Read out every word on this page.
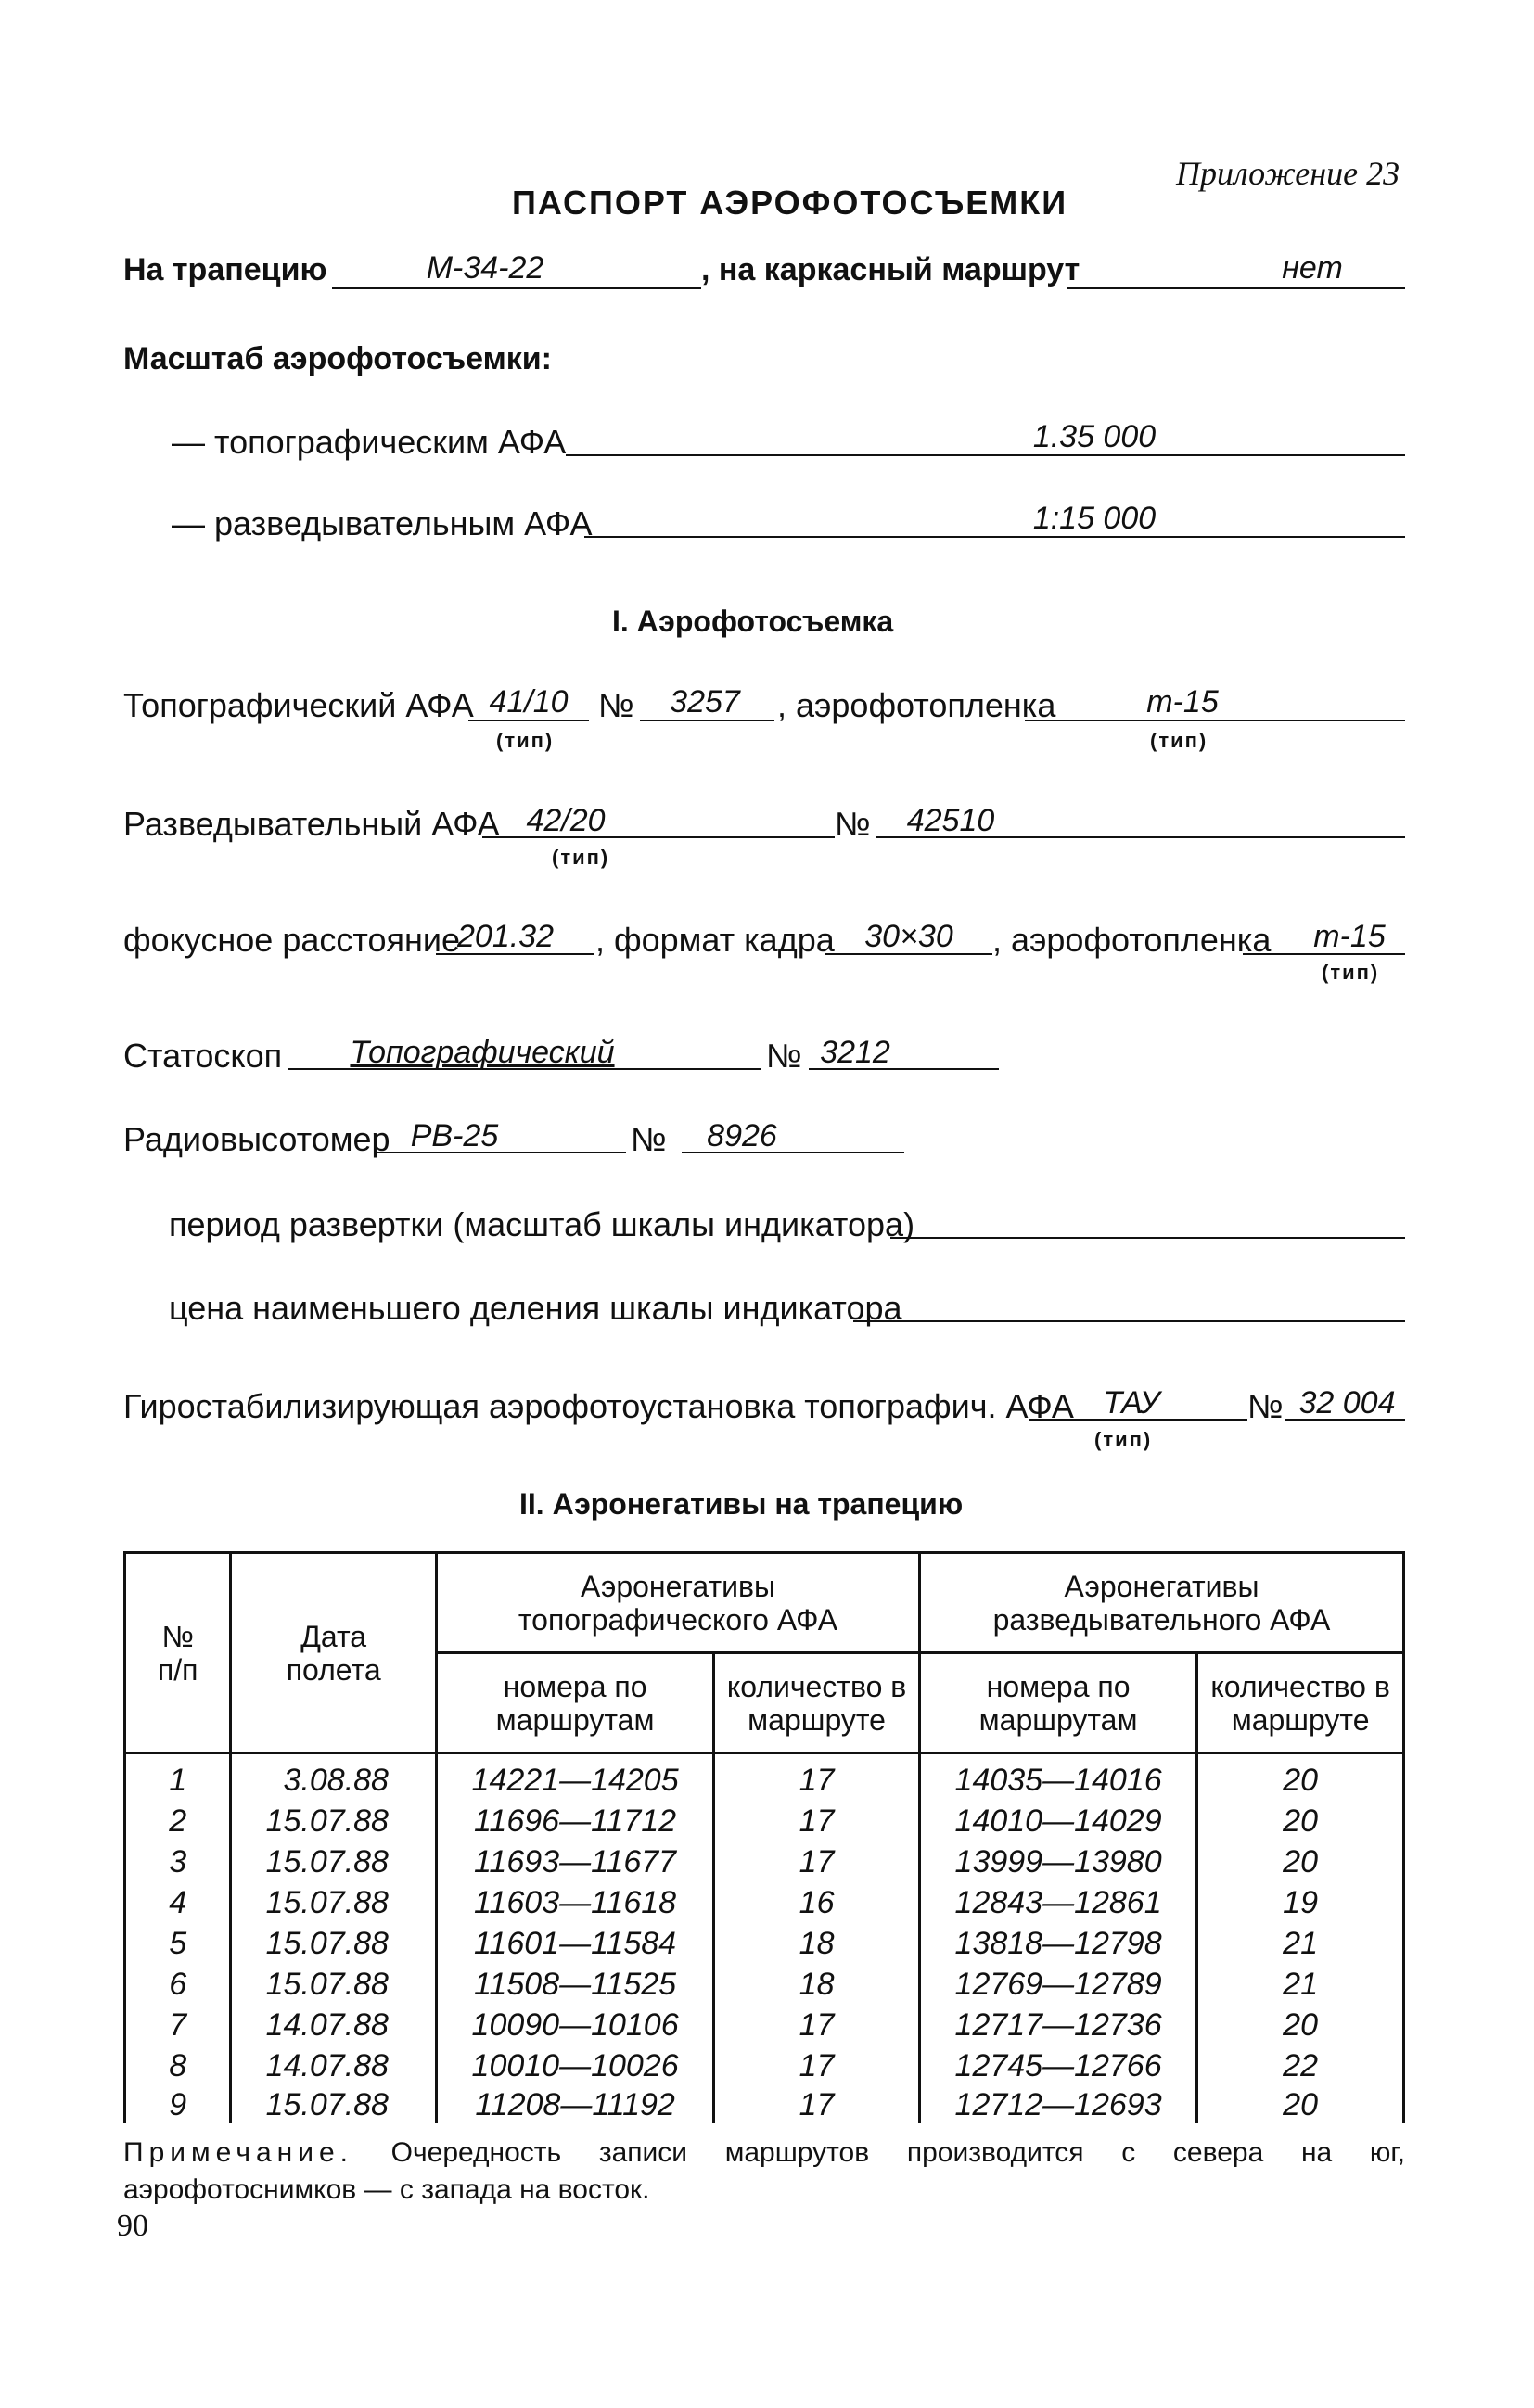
Приложение 23
ПАСПОРТ АЭРОФОТОСЪЕМКИ
На трапецию	М-34-22	, на каркасный маршрут	нет
Масштаб аэрофотосъемки:
— топографическим АФА	1.35 000
— разведывательным АФА	1:15 000
I. Аэрофотосъемка
Топографический АФА 41/10
(тип)
№	3257	, аэрофотопленка	т-15
(тип)
Разведывательный АФА 42/20
(тип)
№	42510
фокусное расстояние
201.32	, формат кадра 30×30	, аэрофотопленка	т-15
(тип)
Статоскоп	Топографический	№ 3212
Радиовысотомер РВ-25	№	8926
период развертки (масштаб шкалы индикатора)
цена наименьшего деления шкалы индикатора
Гиростабилизирующая аэрофотоустановка топографич. АФА ТАУ
(тип)
№ 32 004
II. Аэронегативы на трапецию
№ п/п	Дата полета	Аэронегативы топографического АФА		Аэронегативы разведывательного АФА	

		номера по маршрутам	количество в маршруте	номера по маршрутам	количество в маршруте

1	3.08.88	14221—14205	17	14035—14016	20
2	15.07.88	11696—11712	17	14010—14029	20
3	15.07.88	11693—11677	17	13999—13980	20
4	15.07.88	11603—11618	16	12843—12861	19
5	15.07.88	11601—11584	18	13818—12798	21
6	15.07.88	11508—11525	18	12769—12789	21
7	14.07.88	10090—10106	17	12717—12736	20
8	14.07.88	10010—10026	17	12745—12766	22
9	15.07.88	11208—11192	17	12712—12693	20
Примечание. Очередность записи маршрутов производится с севера на юг, аэрофотоснимков — с запада на восток.
90
